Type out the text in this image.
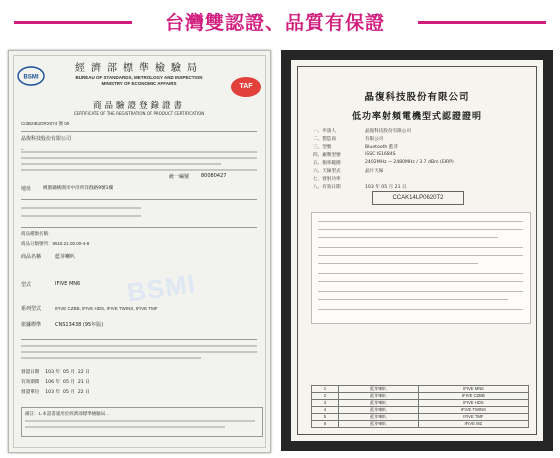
台灣雙認證、品質有保證
BSMI
經濟部標準檢驗局
BUREAU OF STANDARDS, METROLOGY AND INSPECTION
MINISTRY OF ECONOMIC AFFAIRS	TAF
商品驗證登錄證書
CERTIFICATE OF THE REGISTRATION OF PRODUCT CERTIFICATION
CI3B2IB1DRX074 號 00
晶復科技股份有限公司
_
地址	桃園縣桃園市中洋所洋群路9號1樓
統一編號 80080427
商品種類名稱：
商品分類號列：8518.21.00.00-4-8
商品名稱	藍芽喇叭
型式	IFIVE MN6
系列型式	IFIVE CZBB, IFIVE HDS, IFIVE TWINS, IFIVE TMF
依據標準	CNS13438 (95年版)
BSMI
發證日期 103 年 05 月 22 日
有效期間 106 年 05 月 21 日
發證單位 103 年 05 月 22 日
備註：1.本證書適用於經濟部標準檢驗局...
晶復科技股份有限公司
低功率射頻電機型式認證證明
一、申請人	晶復科技股份有限公司
二、製造商	有限公司
三、型號	Bluetooth 藍芽
四、廠牌型號	iSSC IS1684S
五、頻率範圍	2402MHz ~ 2480MHz / 3.7 dBm (EIRP)
六、天線型式	晶片天線
七、發射功率
八、有效日期	103 年 05 月 21 日
CCAK14LP0620T2
1	藍芽喇叭	IFIVE MN6
2	藍芽喇叭	IFIVE CZBB
3	藍芽喇叭	IFIVE HDS
4	藍芽喇叭	IFIVE TWINS
5	藍芽喇叭	IFIVE TMF
6	藍芽喇叭	IFIVE MZ
